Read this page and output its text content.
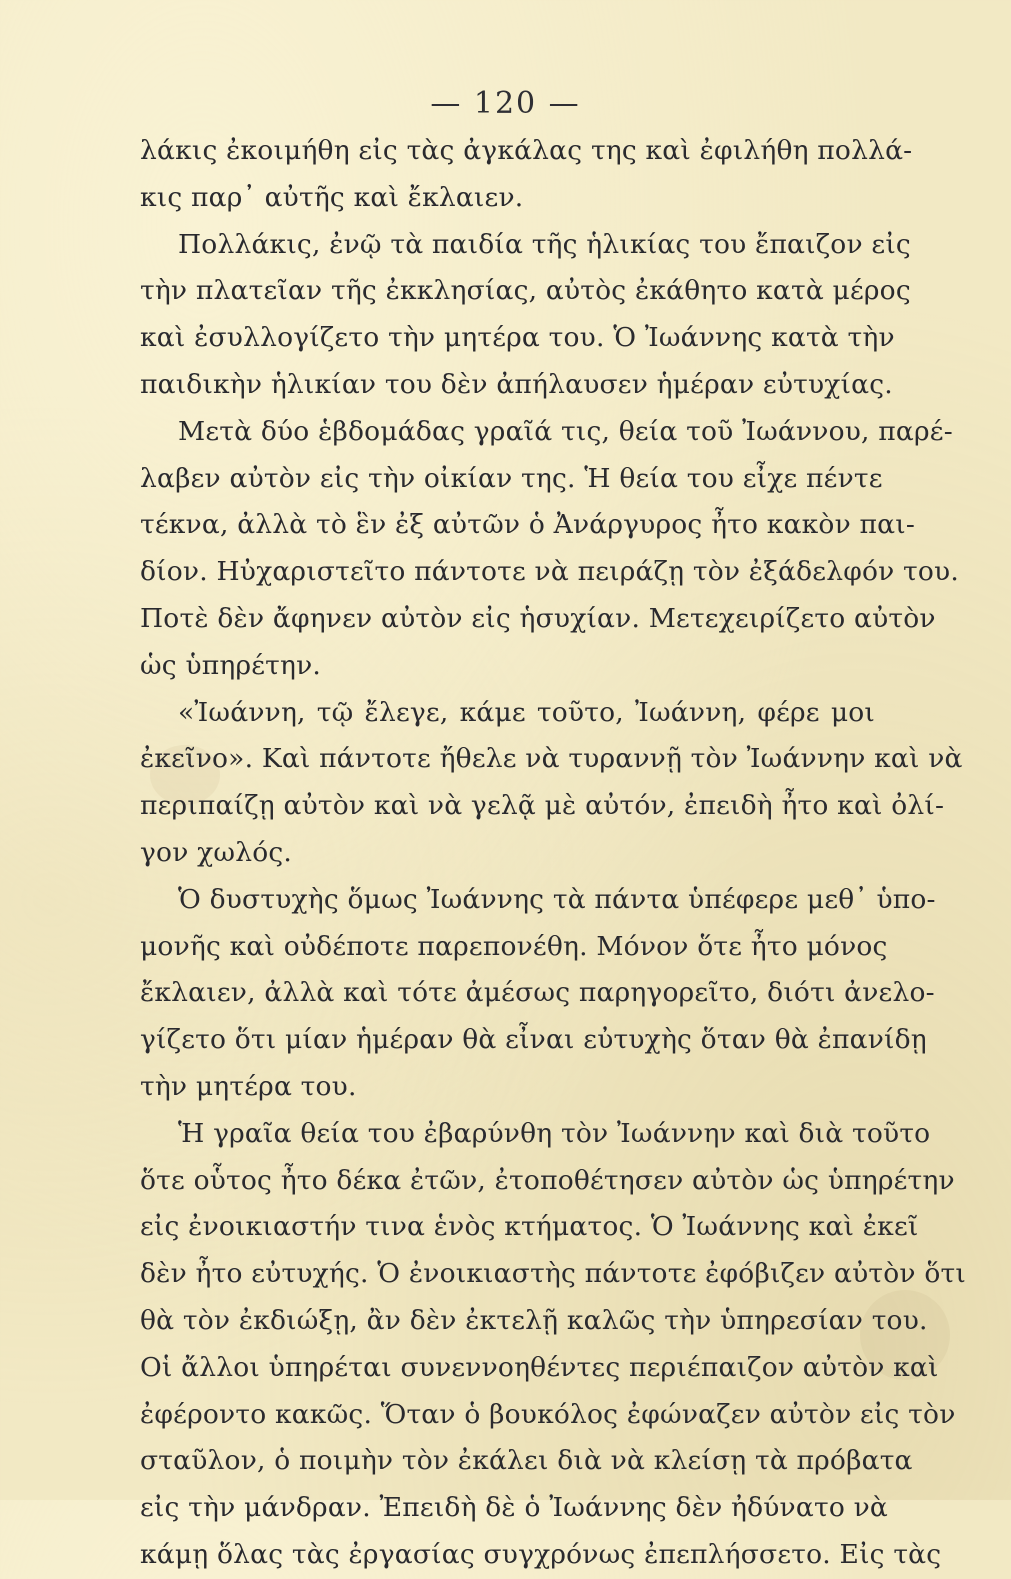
— 120 —
λάκις ἐκοιμήθη εἰς τὰς ἀγκάλας της καὶ ἐφιλήθη πολλά-
κις παρ᾽ αὐτῆς καὶ ἔκλαιεν.
Πολλάκις, ἐνῷ τὰ παιδία τῆς ἡλικίας του ἔπαιζον εἰς
τὴν πλατεῖαν τῆς ἐκκλησίας, αὐτὸς ἐκάθητο κατὰ μέρος
καὶ ἐσυλλογίζετο τὴν μητέρα του. Ὁ Ἰωάννης κατὰ τὴν
παιδικὴν ἡλικίαν του δὲν ἀπήλαυσεν ἡμέραν εὐτυχίας.
Μετὰ δύο ἑβδομάδας γραῖά τις, θεία τοῦ Ἰωάννου, παρέ-
λαβεν αὐτὸν εἰς τὴν οἰκίαν της. Ἡ θεία του εἶχε πέντε
τέκνα, ἀλλὰ τὸ ἓν ἐξ αὐτῶν ὁ Ἀνάργυρος ἦτο κακὸν παι-
δίον. Ηὐχαριστεῖτο πάντοτε νὰ πειράζῃ τὸν ἐξάδελφόν του.
Ποτὲ δὲν ἄφηνεν αὐτὸν εἰς ἡσυχίαν. Μετεχειρίζετο αὐτὸν
ὡς ὑπηρέτην.
«Ἰωάννη, τῷ ἔλεγε, κάμε τοῦτο, Ἰωάννη, φέρε μοι
ἐκεῖνο». Καὶ πάντοτε ἤθελε νὰ τυραννῇ τὸν Ἰωάννην καὶ νὰ
περιπαίζῃ αὐτὸν καὶ νὰ γελᾷ μὲ αὐτόν, ἐπειδὴ ἦτο καὶ ὀλί-
γον χωλός.
Ὁ δυστυχὴς ὅμως Ἰωάννης τὰ πάντα ὑπέφερε μεθ᾽ ὑπο-
μονῆς καὶ οὐδέποτε παρεπονέθη. Μόνον ὅτε ἦτο μόνος
ἔκλαιεν, ἀλλὰ καὶ τότε ἀμέσως παρηγορεῖτο, διότι ἀνελο-
γίζετο ὅτι μίαν ἡμέραν θὰ εἶναι εὐτυχὴς ὅταν θὰ ἐπανίδῃ
τὴν μητέρα του.
Ἡ γραῖα θεία του ἐβαρύνθη τὸν Ἰωάννην καὶ διὰ τοῦτο
ὅτε οὗτος ἦτο δέκα ἐτῶν, ἐτοποθέτησεν αὐτὸν ὡς ὑπηρέτην
εἰς ἐνοικιαστήν τινα ἑνὸς κτήματος. Ὁ Ἰωάννης καὶ ἐκεῖ
δὲν ἦτο εὐτυχής. Ὁ ἐνοικιαστὴς πάντοτε ἐφόβιζεν αὐτὸν ὅτι
θὰ τὸν ἐκδιώξῃ, ἂν δὲν ἐκτελῇ καλῶς τὴν ὑπηρεσίαν του.
Οἱ ἄλλοι ὑπηρέται συνεννοηθέντες περιέπαιζον αὐτὸν καὶ
ἐφέροντο κακῶς. Ὅταν ὁ βουκόλος ἐφώναζεν αὐτὸν εἰς τὸν
σταῦλον, ὁ ποιμὴν τὸν ἐκάλει διὰ νὰ κλείσῃ τὰ πρόβατα
εἰς τὴν μάνδραν. Ἐπειδὴ δὲ ὁ Ἰωάννης δὲν ἠδύνατο νὰ
κάμῃ ὅλας τὰς ἐργασίας συγχρόνως ἐπεπλήσσετο. Εἰς τὰς
